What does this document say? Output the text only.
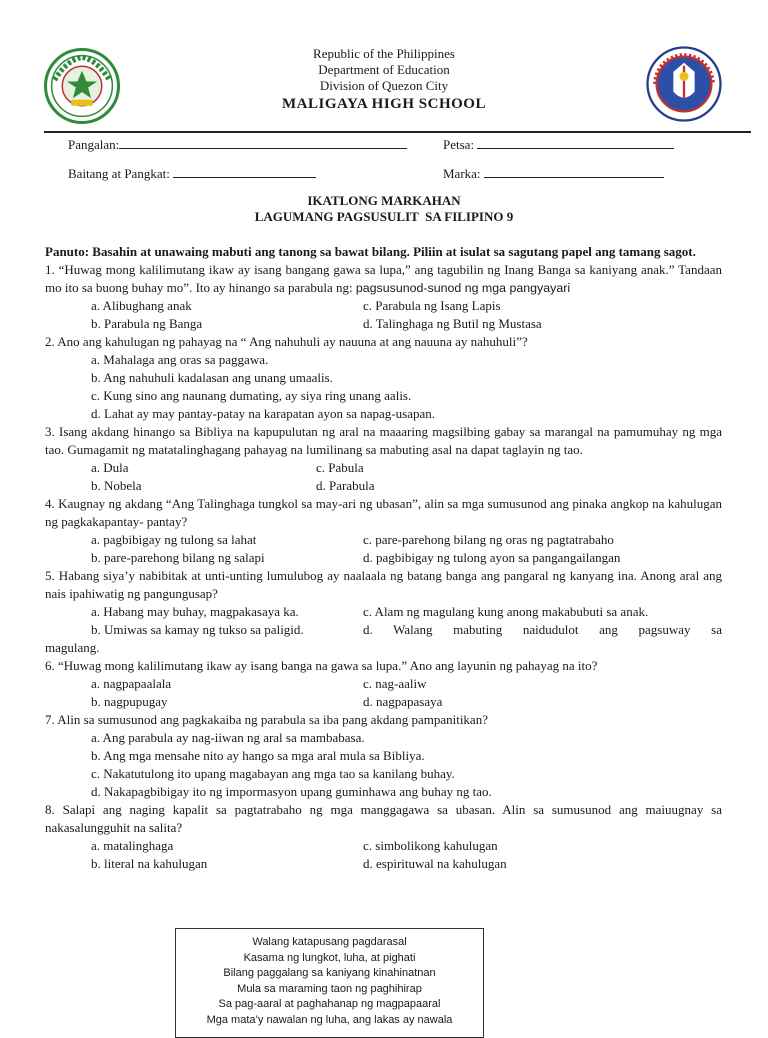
Republic of the Philippines
Department of Education
Division of Quezon City
MALIGAYA HIGH SCHOOL
Pangalan:	Petsa:
Baitang at Pangkat:	Marka:
IKATLONG MARKAHAN
LAGUMANG PAGSUSULIT  SA FILIPINO 9

Panuto: Basahin at unawaing mabuti ang tanong sa bawat bilang. Piliin at isulat sa sagutang papel ang tamang sagot.

1. “Huwag mong kalilimutang ikaw ay isang bangang gawa sa lupa,” ang tagubilin ng Inang Banga sa kaniyang anak.” Tandaan mo ito sa buong buhay mo”. Ito ay hinango sa parabula ng: pagsusunod-sunod ng mga pangyayari

a. Alibughang anak	c. Parabula ng Isang Lapis
b. Parabula ng Banga	d. Talinghaga ng Butil ng Mustasa

2. Ano ang kahulugan ng pahayag na “ Ang nahuhuli ay nauuna at ang nauuna ay nahuhuli”?

a. Mahalaga ang oras sa paggawa.
b. Ang nahuhuli kadalasan ang unang umaalis.
c. Kung sino ang naunang dumating, ay siya ring unang aalis.
d. Lahat ay may pantay-patay na karapatan ayon sa napag-usapan.

3. Isang akdang hinango sa Bibliya na kapupulutan ng aral na maaaring magsilbing gabay sa marangal na pamumuhay ng mga tao. Gumagamit ng matatalinghagang pahayag na lumilinang sa mabuting asal na dapat taglayin ng tao.

a. Dula	c. Pabula
b. Nobela	d. Parabula

4. Kaugnay ng akdang “Ang Talinghaga tungkol sa may-ari ng ubasan”, alin sa mga sumusunod ang pinaka angkop na kahulugan ng pagkakapantay- pantay?

a. pagbibigay ng tulong sa lahat	c. pare-parehong bilang ng oras ng pagtatrabaho
b. pare-parehong bilang ng salapi	d. pagbibigay ng tulong ayon sa pangangailangan

5. Habang siya’y nabibitak at unti-unting lumulubog ay naalaala ng batang banga ang pangaral ng kanyang ina. Anong aral ang nais ipahiwatig ng pangungusap?

a. Habang may buhay, magpakasaya ka.	c. Alam ng magulang kung anong makabubuti sa anak.
b. Umiwas sa kamay ng tukso sa paligid.	d. Walang mabuting naidudulot ang pagsuway sa
magulang.

6. “Huwag mong kalilimutang ikaw ay isang banga na gawa sa lupa.” Ano ang layunin ng pahayag na ito?

a. nagpapaalala	c. nag-aaliw
b. nagpupugay	d. nagpapasaya

7. Alin sa sumusunod ang pagkakaiba ng parabula sa iba pang akdang pampanitikan?

a. Ang parabula ay nag-iiwan ng aral sa mambabasa.
b. Ang mga mensahe nito ay hango sa mga aral mula sa Bibliya.
c. Nakatutulong ito upang magabayan ang mga tao sa kanilang buhay.
d. Nakapagbibigay ito ng impormasyon upang guminhawa ang buhay ng tao.

8. Salapi ang naging kapalit sa pagtatrabaho ng mga manggagawa sa ubasan. Alin sa sumusunod ang maiuugnay sa nakasalungguhit na salita?

a. matalinghaga	c. simbolikong kahulugan
b. literal na kahulugan	d. espirituwal na kahulugan
Walang katapusang pagdarasal
Kasama ng lungkot, luha, at pighati
Bilang paggalang sa kaniyang kinahinatnan
Mula sa maraming taon ng paghihirap
Sa pag-aaral at paghahanap ng magpapaaral
Mga mata’y nawalan ng luha, ang lakas ay nawala
